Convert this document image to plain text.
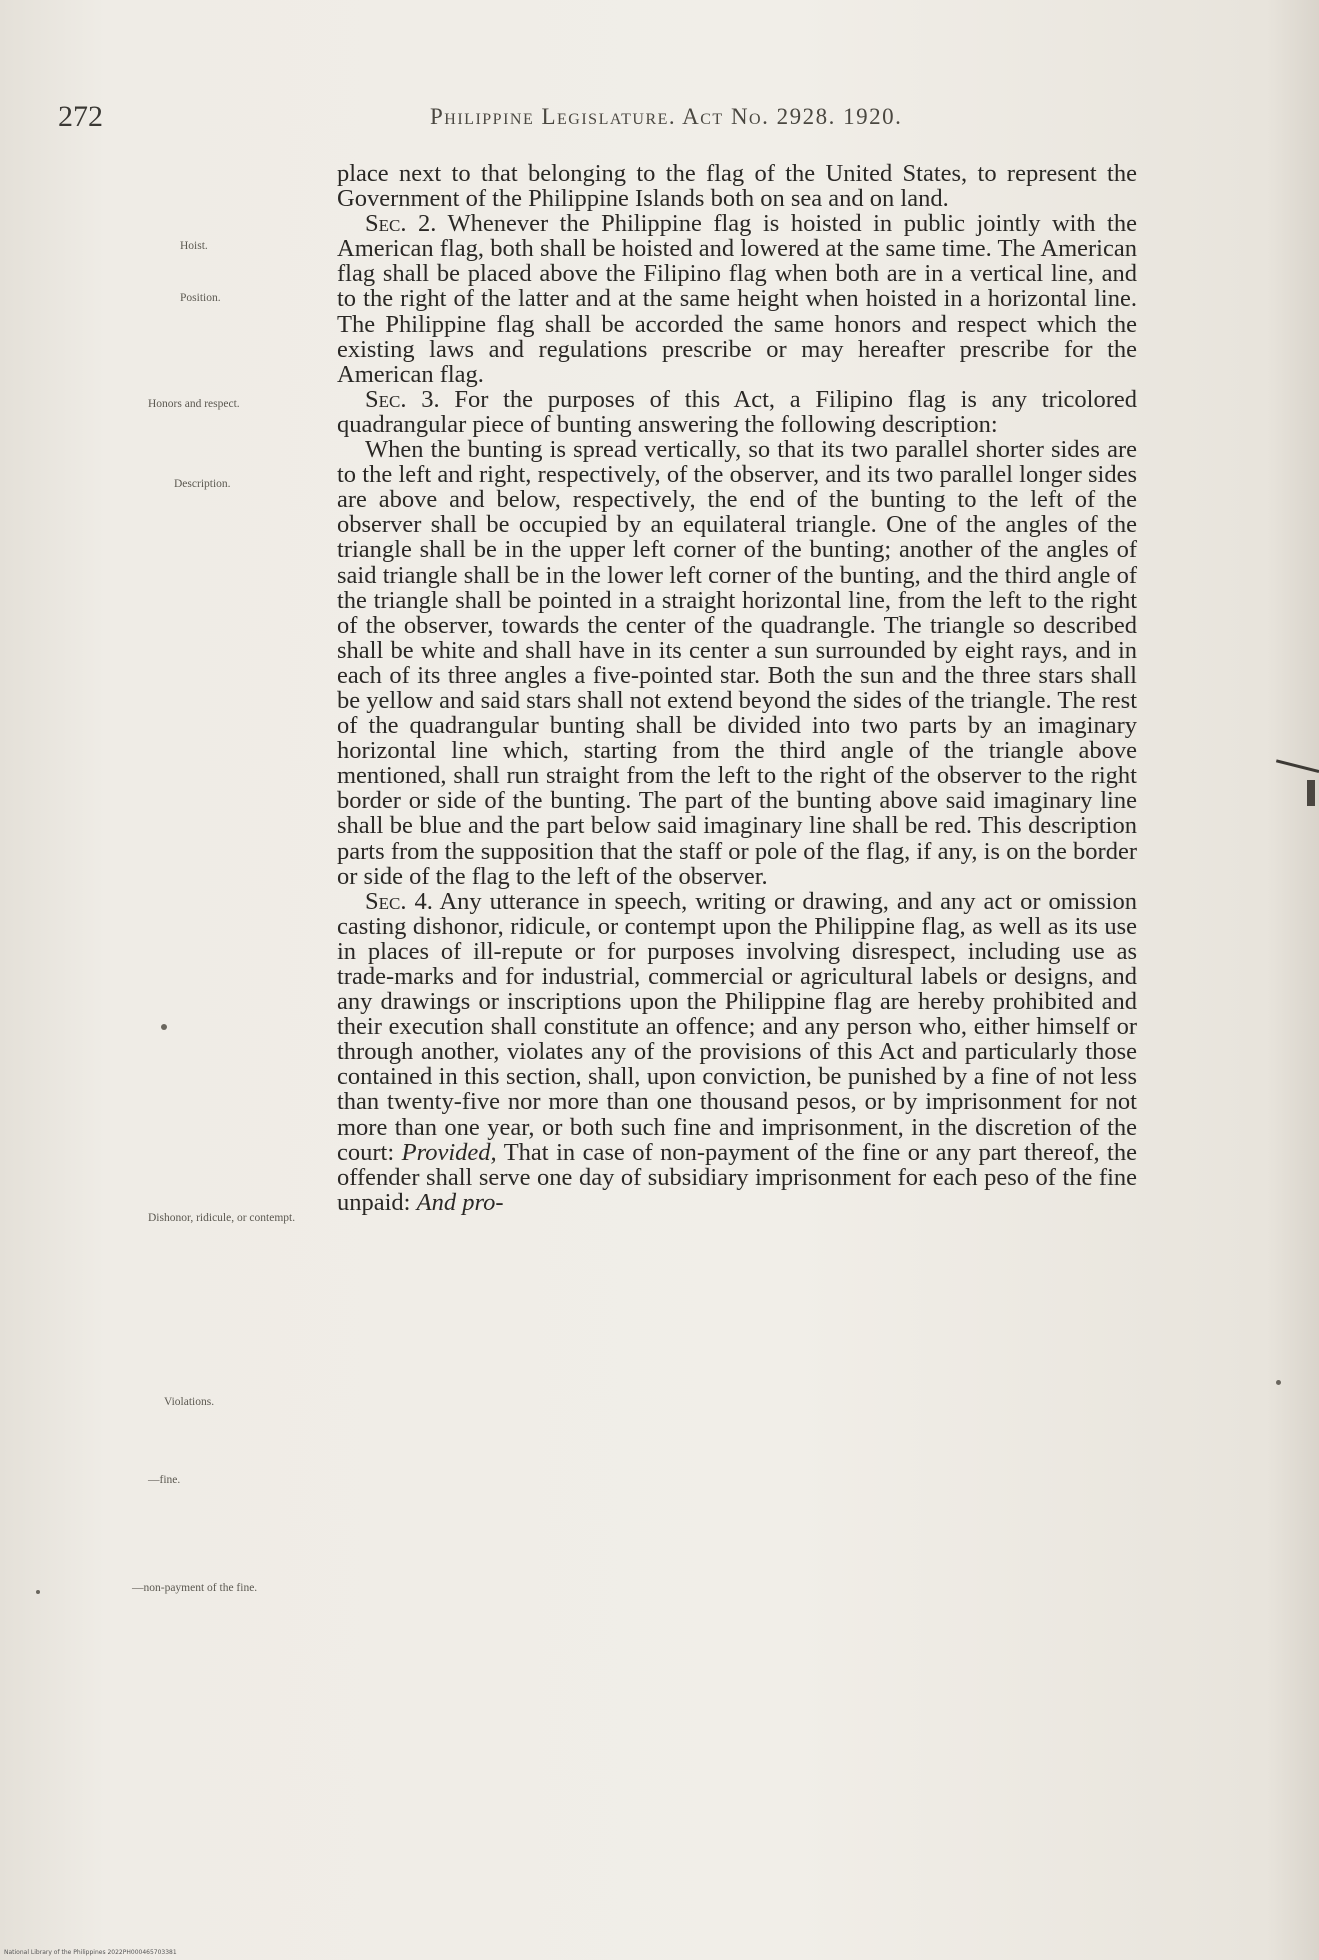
272	Philippine Legislature. Act No. 2928. 1920.
Hoist.
Position.
Honors and respect.
Description.
Dishonor, ridicule, or contempt.
Violations.
—fine.
—non-payment of the fine.

place next to that belonging to the flag of the United States, to represent the Government of the Philippine Islands both on sea and on land.

Sec. 2. Whenever the Philippine flag is hoisted in public jointly with the American flag, both shall be hoisted and lowered at the same time. The American flag shall be placed above the Filipino flag when both are in a vertical line, and to the right of the latter and at the same height when hoisted in a horizontal line. The Philippine flag shall be accorded the same honors and respect which the existing laws and regulations prescribe or may hereafter prescribe for the American flag.

Sec. 3. For the purposes of this Act, a Filipino flag is any tricolored quadrangular piece of bunting answering the following description:

When the bunting is spread vertically, so that its two parallel shorter sides are to the left and right, respectively, of the observer, and its two parallel longer sides are above and below, respectively, the end of the bunting to the left of the observer shall be occupied by an equilateral triangle. One of the angles of the triangle shall be in the upper left corner of the bunting; another of the angles of said triangle shall be in the lower left corner of the bunting, and the third angle of the triangle shall be pointed in a straight horizontal line, from the left to the right of the observer, towards the center of the quadrangle. The triangle so described shall be white and shall have in its center a sun surrounded by eight rays, and in each of its three angles a five-pointed star. Both the sun and the three stars shall be yellow and said stars shall not extend beyond the sides of the triangle. The rest of the quadrangular bunting shall be divided into two parts by an imaginary horizontal line which, starting from the third angle of the triangle above mentioned, shall run straight from the left to the right of the observer to the right border or side of the bunting. The part of the bunting above said imaginary line shall be blue and the part below said imaginary line shall be red. This description parts from the supposition that the staff or pole of the flag, if any, is on the border or side of the flag to the left of the observer.

Sec. 4. Any utterance in speech, writing or drawing, and any act or omission casting dishonor, ridicule, or contempt upon the Philippine flag, as well as its use in places of ill-repute or for purposes involving disrespect, including use as trade-marks and for industrial, commercial or agricultural labels or designs, and any drawings or inscriptions upon the Philippine flag are hereby prohibited and their execution shall constitute an offence; and any person who, either himself or through another, violates any of the provisions of this Act and particularly those contained in this section, shall, upon conviction, be punished by a fine of not less than twenty-five nor more than one thousand pesos, or by imprisonment for not more than one year, or both such fine and imprisonment, in the discretion of the court: Provided, That in case of non-payment of the fine or any part thereof, the offender shall serve one day of subsidiary imprisonment for each peso of the fine unpaid: And pro-

National Library of the Philippines 2022PH000465703381
